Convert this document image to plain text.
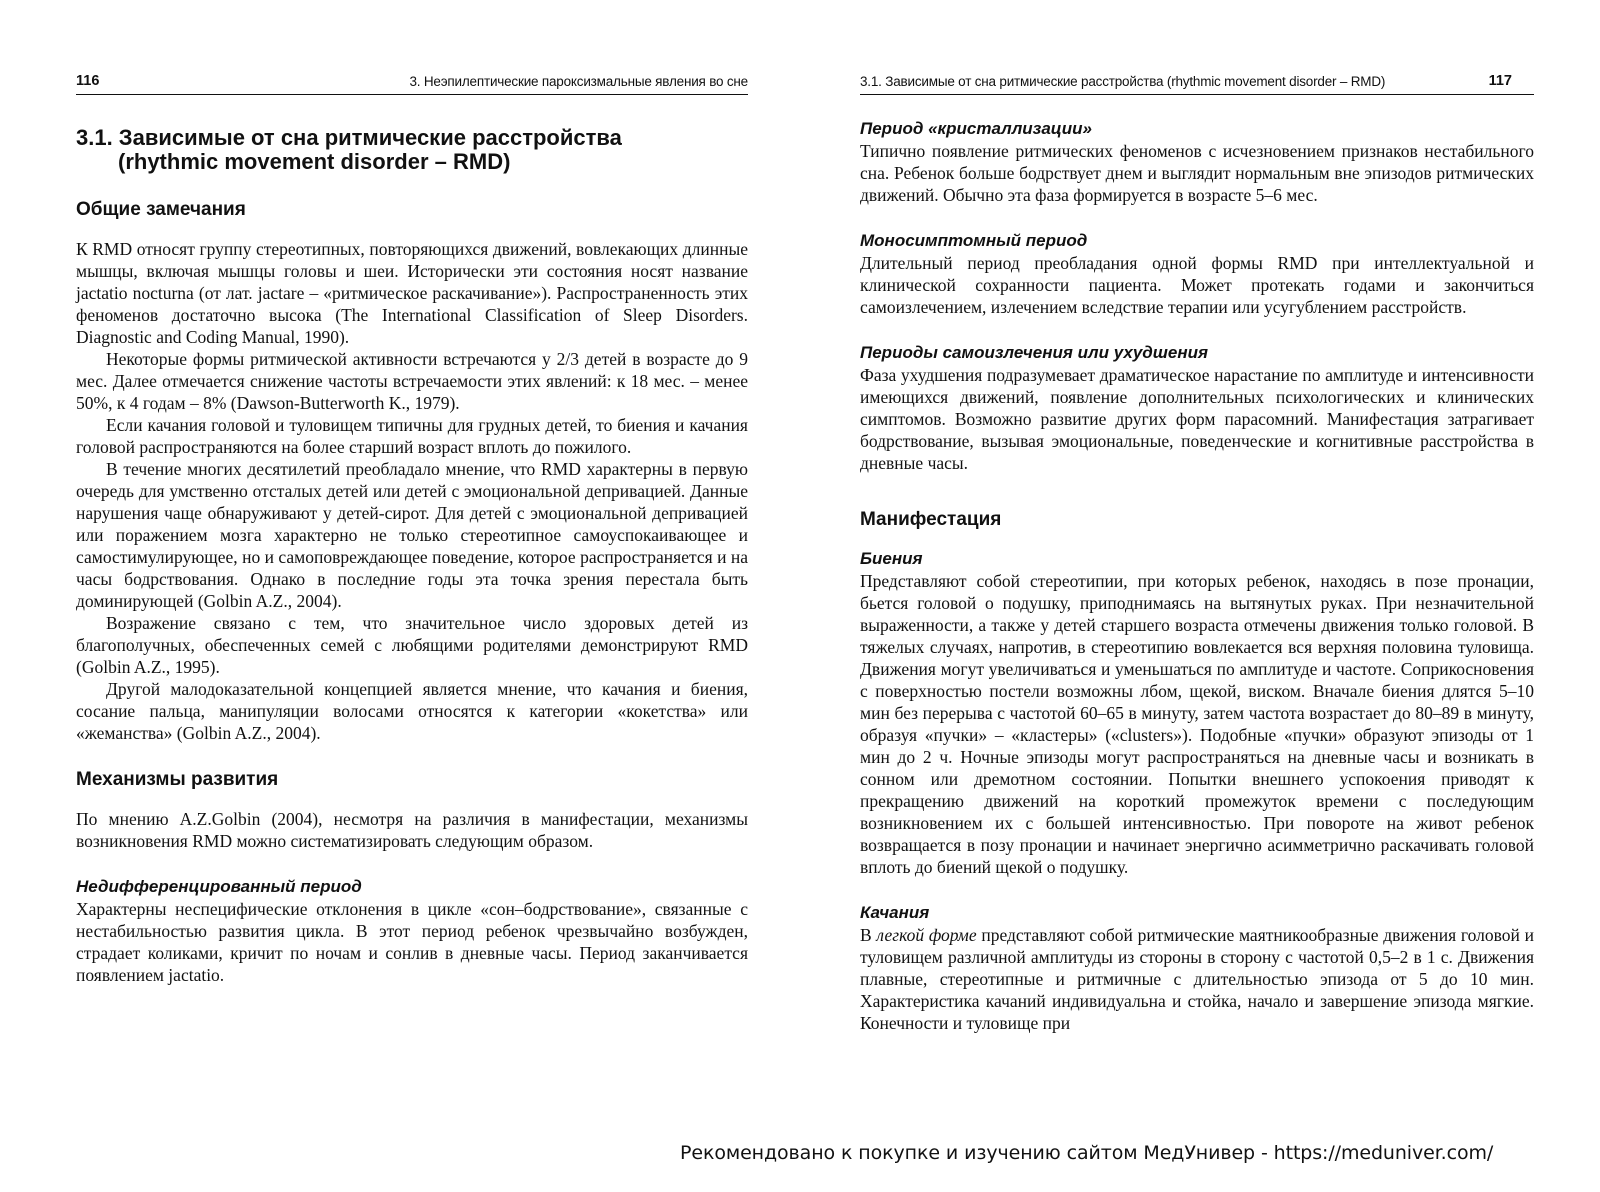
116	3. Неэпилептические пароксизмальные явления во сне
3.1. Зависимые от сна ритмические расстройства
(rhythmic movement disorder – RMD)
Общие замечания

К RMD относят группу стереотипных, повторяющихся движений, вовлекающих длинные мышцы, включая мышцы головы и шеи. Исторически эти состояния носят название jactatio nocturna (от лат. jactare – «ритмическое раскачивание»). Распространенность этих феноменов достаточно высока (The International Classification of Sleep Disorders. Diagnostic and Coding Manual, 1990).

Некоторые формы ритмической активности встречаются у 2/3 детей в возрасте до 9 мес. Далее отмечается снижение частоты встречаемости этих явлений: к 18 мес. – менее 50%, к 4 годам – 8% (Dawson-Butterworth K., 1979).

Если качания головой и туловищем типичны для грудных детей, то биения и качания головой распространяются на более старший возраст вплоть до пожилого.

В течение многих десятилетий преобладало мнение, что RMD характерны в первую очередь для умственно отсталых детей или детей с эмоциональной депривацией. Данные нарушения чаще обнаруживают у детей-сирот. Для детей с эмоциональной депривацией или поражением мозга характерно не только стереотипное самоуспокаивающее и самостимулирующее, но и самоповреждающее поведение, которое распространяется и на часы бодрствования. Однако в последние годы эта точка зрения перестала быть доминирующей (Golbin A.Z., 2004).

Возражение связано с тем, что значительное число здоровых детей из благополучных, обеспеченных семей с любящими родителями демонстрируют RMD (Golbin A.Z., 1995).

Другой малодоказательной концепцией является мнение, что качания и биения, сосание пальца, манипуляции волосами относятся к категории «кокетства» или «жеманства» (Golbin A.Z., 2004).

Механизмы развития

По мнению A.Z.Golbin (2004), несмотря на различия в манифестации, механизмы возникновения RMD можно систематизировать следующим образом.

Недифференцированный период

Характерны неспецифические отклонения в цикле «сон–бодрствование», связанные с нестабильностью развития цикла. В этот период ребенок чрезвычайно возбужден, страдает коликами, кричит по ночам и сонлив в дневные часы. Период заканчивается появлением jactatio.

3.1. Зависимые от сна ритмические расстройства (rhythmic movement disorder – RMD)	117
Период «кристаллизации»

Типично появление ритмических феноменов с исчезновением признаков нестабильного сна. Ребенок больше бодрствует днем и выглядит нормальным вне эпизодов ритмических движений. Обычно эта фаза формируется в возрасте 5–6 мес.

Моносимптомный период

Длительный период преобладания одной формы RMD при интеллектуальной и клинической сохранности пациента. Может протекать годами и закончиться самоизлечением, излечением вследствие терапии или усугублением расстройств.

Периоды самоизлечения или ухудшения

Фаза ухудшения подразумевает драматическое нарастание по амплитуде и интенсивности имеющихся движений, появление дополнительных психологических и клинических симптомов. Возможно развитие других форм парасомний. Манифестация затрагивает бодрствование, вызывая эмоциональные, поведенческие и когнитивные расстройства в дневные часы.

Манифестация
Биения

Представляют собой стереотипии, при которых ребенок, находясь в позе пронации, бьется головой о подушку, приподнимаясь на вытянутых руках. При незначительной выраженности, а также у детей старшего возраста отмечены движения только головой. В тяжелых случаях, напротив, в стереотипию вовлекается вся верхняя половина туловища. Движения могут увеличиваться и уменьшаться по амплитуде и частоте. Соприкосновения с поверхностью постели возможны лбом, щекой, виском. Вначале биения длятся 5–10 мин без перерыва с частотой 60–65 в минуту, затем частота возрастает до 80–89 в минуту, образуя «пучки» – «кластеры» («clusters»). Подобные «пучки» образуют эпизоды от 1 мин до 2 ч. Ночные эпизоды могут распространяться на дневные часы и возникать в сонном или дремотном состоянии. Попытки внешнего успокоения приводят к прекращению движений на короткий промежуток времени с последующим возникновением их с большей интенсивностью. При повороте на живот ребенок возвращается в позу пронации и начинает энергично асимметрично раскачивать головой вплоть до биений щекой о подушку.

Качания

В легкой форме представляют собой ритмические маятникообразные движения головой и туловищем различной амплитуды из стороны в сторону с частотой 0,5–2 в 1 с. Движения плавные, стереотипные и ритмичные с длительностью эпизода от 5 до 10 мин. Характеристика качаний индивидуальна и стойка, начало и завершение эпизода мягкие. Конечности и туловище при

Рекомендовано к покупке и изучению сайтом МедУнивер - https://meduniver.com/
